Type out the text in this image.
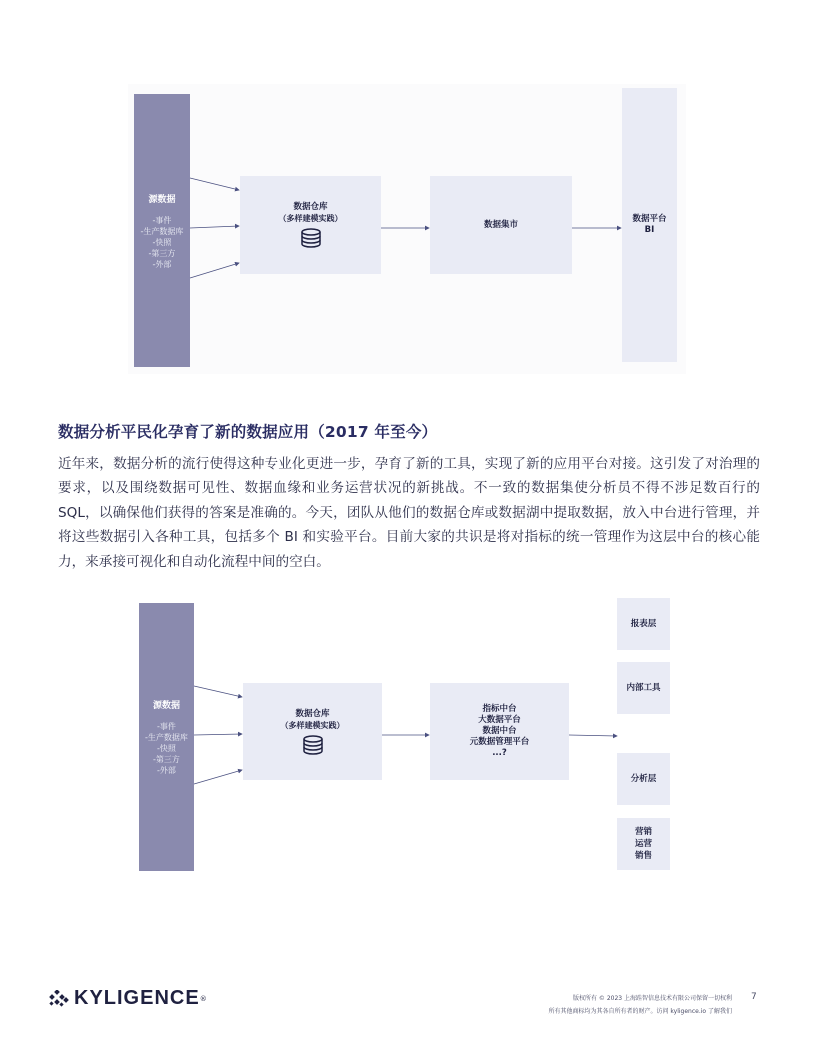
源数据
-事件
-生产数据库
-快照
-第三方
-外部
数据仓库
（多样建模实践）
数据集市
数据平台
BI
数据分析平民化孕育了新的数据应用（2017 年至今）
近年来，数据分析的流行使得这种专业化更进一步，孕育了新的工具，实现了新的应用平台对接。这引发了对治理的要求，以及围绕数据可见性、数据血缘和业务运营状况的新挑战。不一致的数据集使分析员不得不涉足数百行的 SQL，以确保他们获得的答案是准确的。今天，团队从他们的数据仓库或数据湖中提取数据，放入中台进行管理，并将这些数据引入各种工具，包括多个 BI 和实验平台。目前大家的共识是将对指标的统一管理作为这层中台的核心能力，来承接可视化和自动化流程中间的空白。
源数据
-事件
-生产数据库
-快照
-第三方
-外部
数据仓库
（多样建模实践）
指标中台
大数据平台
数据中台
元数据管理平台
...?
报表层
内部工具
分析层
营销
运营
销售
KYLIGENCE ®	版权所有 © 2023 上海跬智信息技术有限公司保留一切权利
所有其他商标均为其各自所有者的财产。访问 kyligence.io 了解我们
7
